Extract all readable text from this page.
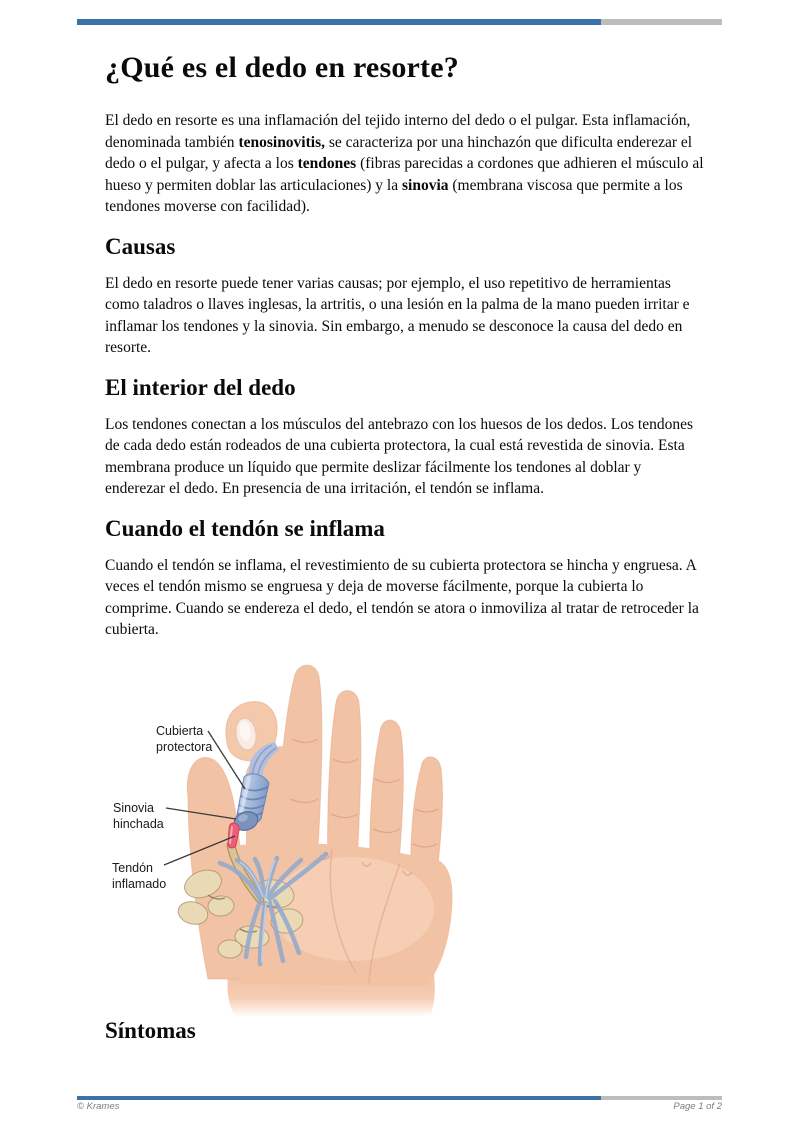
¿Qué es el dedo en resorte?

El dedo en resorte es una inflamación del tejido interno del dedo o el pulgar. Esta inflamación, denominada también tenosinovitis, se caracteriza por una hinchazón que dificulta enderezar el dedo o el pulgar, y afecta a los tendones (fibras parecidas a cordones que adhieren el músculo al hueso y permiten doblar las articulaciones) y la sinovia (membrana viscosa que permite a los tendones moverse con facilidad).

Causas

El dedo en resorte puede tener varias causas; por ejemplo, el uso repetitivo de herramientas como taladros o llaves inglesas, la artritis, o una lesión en la palma de la mano pueden irritar e inflamar los tendones y la sinovia. Sin embargo, a menudo se desconoce la causa del dedo en resorte.

El interior del dedo

Los tendones conectan a los músculos del antebrazo con los huesos de los dedos. Los tendones de cada dedo están rodeados de una cubierta protectora, la cual está revestida de sinovia. Esta membrana produce un líquido que permite deslizar fácilmente los tendones al doblar y enderezar el dedo. En presencia de una irritación, el tendón se inflama.

Cuando el tendón se inflama

Cuando el tendón se inflama, el revestimiento de su cubierta protectora se hincha y engruesa. A veces el tendón mismo se engruesa y deja de moverse fácilmente, porque la cubierta lo comprime. Cuando se endereza el dedo, el tendón se atora o inmoviliza al tratar de retroceder la cubierta.

Cubierta protectora
Sinovia hinchada
Tendón inflamado
Síntomas
© Krames	Page 1 of 2
